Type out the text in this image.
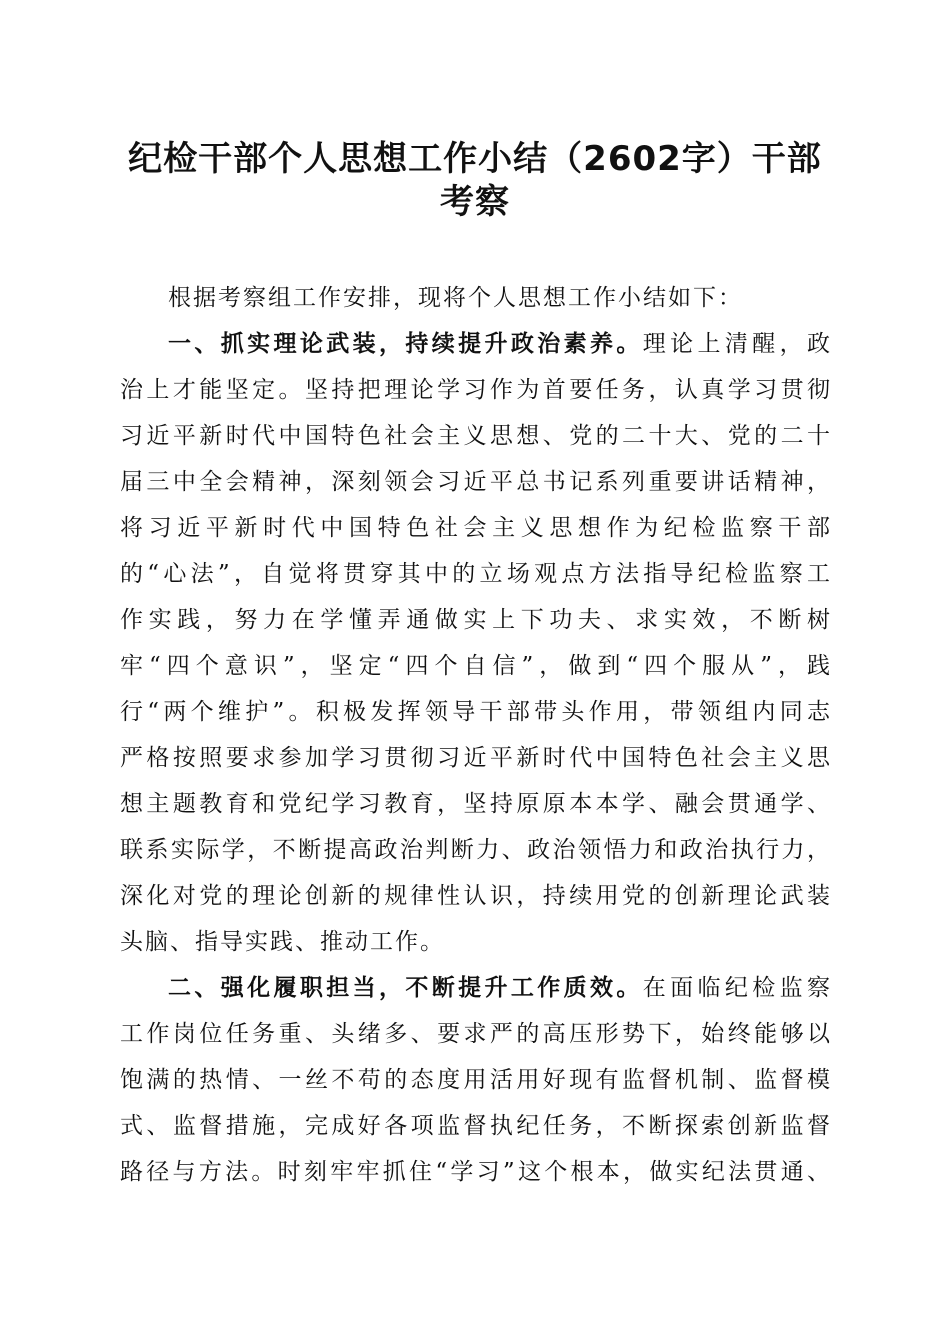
纪检干部个人思想工作小结（2602字）干部
考察
根据考察组工作安排，现将个人思想工作小结如下：
一、抓实理论武装，持续提升政治素养。理论上清醒，政
治上才能坚定。坚持把理论学习作为首要任务，认真学习贯彻
习近平新时代中国特色社会主义思想、党的二十大、党的二十
届三中全会精神，深刻领会习近平总书记系列重要讲话精神，
将习近平新时代中国特色社会主义思想作为纪检监察干部
的“心法”，自觉将贯穿其中的立场观点方法指导纪检监察工
作实践，努力在学懂弄通做实上下功夫、求实效，不断树
牢“四个意识”，坚定“四个自信”，做到“四个服从”，践
行“两个维护”。积极发挥领导干部带头作用，带领组内同志
严格按照要求参加学习贯彻习近平新时代中国特色社会主义思
想主题教育和党纪学习教育，坚持原原本本学、融会贯通学、
联系实际学，不断提高政治判断力、政治领悟力和政治执行力，
深化对党的理论创新的规律性认识，持续用党的创新理论武装
头脑、指导实践、推动工作。
二、强化履职担当，不断提升工作质效。在面临纪检监察
工作岗位任务重、头绪多、要求严的高压形势下，始终能够以
饱满的热情、一丝不苟的态度用活用好现有监督机制、监督模
式、监督措施，完成好各项监督执纪任务，不断探索创新监督
路径与方法。时刻牢牢抓住“学习”这个根本，做实纪法贯通、
